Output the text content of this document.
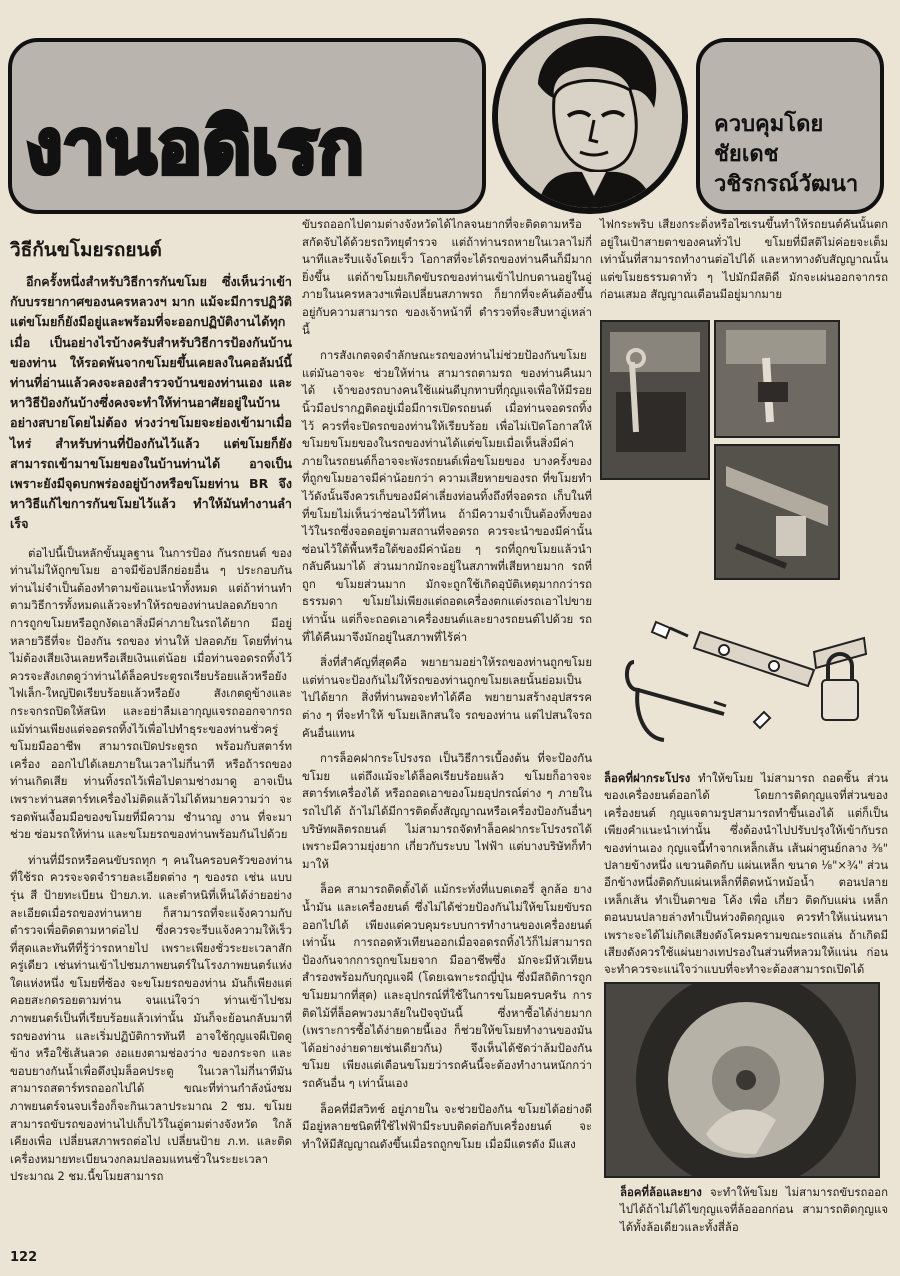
งานอดิเรก	ควบคุมโดย
ชัยเดช
วชิรกรณ์วัฒนา
วิธีกันขโมยรถยนต์

อีกครั้งหนึ่งสำหรับวิธีการกันขโมย ซึ่งเห็นว่าเข้ากับบรรยากาศของนครหลวงฯ มาก แม้จะมีการปฏิวัติ แต่ขโมยก็ยังมีอยู่และพร้อมที่จะออกปฏิบัติงานได้ทุกเมื่อ เป็นอย่างไรบ้างครับสำหรับวิธีการป้องกันบ้านของท่าน ให้รอดพ้นจากขโมยขึ้นเคยลงในคอลัมน์นี้ ท่านที่อ่านแล้วคงจะลองสำรวจบ้านของท่านเอง และหาวิธีป้องกันบ้างซึ่งคงจะทำให้ท่านอาศัยอยู่ในบ้าน อย่างสบายโดยไม่ต้อง ห่วงว่าขโมยจะย่องเข้ามาเมื่อไหร่ สำหรับท่านที่ป้องกันไว้แล้ว แต่ขโมยก็ยังสามารถเข้ามาขโมยของในบ้านท่านได้ อาจเป็นเพราะยังมีจุดบกพร่องอยู่บ้างหรือขโมยท่าน BR จึงหาวิธีแก้ไขการกันขโมยไว้แล้ว ทำให้มันทำงานลำเร็จ

ต่อไปนี้เป็นหลักขั้นมูลฐาน ในการป้อง กันรถยนต์ ของท่านไม่ให้ถูกขโมย อาจมีข้อปลีกย่อยอื่น ๆ ประกอบกัน ท่านไม่จำเป็นต้องทำตามข้อแนะนำทั้งหมด แต่ถ้าท่านทำตามวิธีการทั้งหมดแล้วจะทำให้รถของท่านปลอดภัยจากการถูกขโมยหรือถูกงัดเอาสิ่งมีค่าภายในรถได้ยาก มีอยู่หลายวิธีที่จะ ป้องกัน รถของ ท่านให้ ปลอดภัย โดยที่ท่าน ไม่ต้องเสียเงินเลยหรือเสียเงินแต่น้อย เมื่อท่านจอดรถทิ้งไว้ ควรจะสังเกตดูว่าท่านได้ล็อคประตูรถเรียบร้อยแล้วหรือยัง ไฟเล็ก-ใหญ่ปิดเรียบร้อยแล้วหรือยัง สังเกตดูข้างและกระจกรถปิดให้สนิท และอย่าลืมเอากุญแจรถออกจากรถ แม้ท่านเพียงแต่จอดรถทิ้งไว้เพื่อไปทำธุระของท่านชั่วครู่ ขโมยมืออาชีพ สามารถเปิดประตูรถ พร้อมกับสตาร์ทเครื่อง ออกไปได้เลยภายในเวลาไม่กี่นาที หรือถ้ารถของท่านเกิดเสีย ท่านทิ้งรถไว้เพื่อไปตามช่างมาดู อาจเป็นเพราะท่านสตาร์ทเครื่องไม่ติดแล้วไม่ได้หมายความว่า จะรอดพ้นเงื้อมมือของขโมยที่มีความ ชำนาญ งาน ที่จะมาช่วย ซ่อมรถให้ท่าน และขโมยรถของท่านพร้อมกันไปด้วย

ท่านที่มีรถหรือคนขับรถทุก ๆ คนในครอบครัวของท่านที่ใช้รถ ควรจะจดจำรายละเอียดต่าง ๆ ของรถ เช่น แบบรุ่น สี ป้ายทะเบียน ป้ายภ.ท. และตำหนิที่เห็นได้ง่ายอย่างละเอียดเมื่อรถของท่านหาย ก็สามารถที่จะแจ้งความกับตำรวจเพื่อติดตามหาต่อไป ซึ่งควรจะรีบแจ้งความให้เร็วที่สุดและทันทีที่รู้ว่ารถหายไป เพราะเพียงชั่วระยะเวลาสักครู่เดียว เช่นท่านเข้าไปชมภาพยนตร์ในโรงภาพยนตร์แห่งใดแห่งหนึ่ง ขโมยที่ซ้อง จะขโมยรถของท่าน มันก็เพียงแต่คอยสะกดรอยตามท่าน จนแน่ใจว่า ท่านเข้าไปชม ภาพยนตร์เป็นที่เรียบร้อยแล้วเท่านั้น มันก็จะย้อนกลับมาที่รถของท่าน และเริ่มปฏิบัติการทันที อาจใช้กุญแจผีเปิดดูข้าง หรือใช้เส้นลวด งอแยงตามช่องว่าง ของกระจก และขอบยางกันน้ำเพื่อดึงปุ่มล็อคประตู ในเวลาไม่กี่นาทีมันสามารถสตาร์ทรถออกไปได้ ขณะที่ท่านกำลังนั่งชมภาพยนตร์จนจบเรื่องก็จะกินเวลาประมาณ 2 ชม. ขโมยสามารถขับรถของท่านไปเก็บไว้ในอู่ตามต่างจังหวัด ใกล้เคียงเพื่อ เปลี่ยนสภาพรถต่อไป เปลี่ยนป้าย ภ.ท. และติดเครื่องหมายทะเบียนวงกลมปลอมแทนชั่วในระยะเวลาประมาณ 2 ชม.นี้ขโมยสามารถ

ขับรถออกไปตามต่างจังหวัดได้ไกลจนยากที่จะติดตามหรือสกัดจับได้ด้วยรถวิทยุตำรวจ แต่ถ้าท่านรถหายในเวลาไม่กี่นาทีและรีบแจ้งโดยเร็ว โอกาสที่จะได้รถของท่านคืนก็มีมากยิ่งขึ้น แต่ถ้าขโมยเกิดขับรถของท่านเข้าไปกบดานอยู่ในอู่ภายในนครหลวงฯเพื่อเปลี่ยนสภาพรถ ก็ยากที่จะค้นต้องขึ้นอยู่กับความสามารถ ของเจ้าหน้าที่ ตำรวจที่จะสืบหาอู่เหล่านี้

การสังเกตจดจำลักษณะรถของท่านไม่ช่วยป้องกันขโมยแต่มันอาจจะ ช่วยให้ท่าน สามารถตามรถ ของท่านคืนมา ได้ เจ้าของรถบางคนใช้แผ่นดีบุกทาบที่กุญแจเพื่อให้มีรอยนิ้วมือปรากฏติดอยู่เมื่อมีการเปิดรถยนต์ เมื่อท่านจอดรถทิ้งไว้ ควรที่จะปิดรถของท่านให้เรียบร้อย เพื่อไม่เปิดโอกาสให้ขโมยขโมยของในรถของท่านได้แต่ขโมยเมื่อเห็นสิ่งมีค่าภายในรถยนต์ก็อาจจะพังรถยนต์เพื่อขโมยของ บางครั้งของที่ถูกขโมยอาจมีค่าน้อยกว่า ความเสียหายของรถ ที่ขโมยทำไว้ดังนั้นจึงควรเก็บของมีค่าเลี่ยงท่อนทิ้งถึงที่จอดรถ เก็บในที่ที่ขโมยไม่เห็นว่าซ่อนไว้ที่ไหน ถ้ามีความจำเป็นต้องทิ้งของไว้ในรถซึ่งจอดอยู่ตามสถานที่จอดรถ ควรจะนำของมีค่านั้นซ่อนไว้ใต้พื้นหรือใต้ของมีค่าน้อย ๆ รถที่ถูกขโมยแล้วนำกลับคืนมาได้ ส่วนมากมักจะอยู่ในสภาพที่เสียหายมาก รถที่ถูก ขโมยส่วนมาก มักจะถูกใช้เกิดอุบัติเหตุมากกว่ารถธรรมดา ขโมยไม่เพียงแต่ถอดเครื่องตกแต่งรถเอาไปขายเท่านั้น แต่ก็จะถอดเอาเครื่องยนต์และยางรถยนต์ไปด้วย รถที่ได้คืนมาจึงมักอยู่ในสภาพที่ไร้ค่า

สิ่งที่สำคัญที่สุดคือ พยายามอย่าให้รถของท่านถูกขโมยแต่ท่านจะป้องกันไม่ให้รถของท่านถูกขโมยเลยนั้นย่อมเป็นไปได้ยาก สิ่งที่ท่านพอจะทำได้คือ พยายามสร้างอุปสรรคต่าง ๆ ที่จะทำให้ ขโมยเลิกสนใจ รถของท่าน แต่ไปสนใจรถคันอื่นแทน

การล็อคฝากระโปรงรถ เป็นวิธีการเบื้องต้น ที่จะป้องกันขโมย แต่ถึงแม้จะได้ล็อคเรียบร้อยแล้ว ขโมยก็อาจจะสตาร์ทเครื่องได้ หรือถอดเอาของโมยอุปกรณ์ต่าง ๆ ภายในรถไปได้ ถ้าไม่ได้มีการติดตั้งสัญญาณหรือเครื่องป้องกันอื่นๆ บริษัทผลิตรถยนต์ ไม่สามารถจัดทำล็อคฝากระโปรงรถได้ เพราะมีความยุ่งยาก เกี่ยวกับระบบ ไฟฟ้า แต่บางบริษัทก็ทำมาให้

ล็อค สามารถติดตั้งได้ แม้กระทั่งที่แบตเตอรี่ ลูกล้อ ยาง น้ำมัน และเครื่องยนต์ ซึ่งไม่ได้ช่วยป้องกันไม่ให้ขโมยขับรถออกไปได้ เพียงแต่ควบคุมระบบการทำงานของเครื่องยนต์เท่านั้น การถอดหัวเทียนออกเมื่อจอดรถทิ้งไว้ก็ไม่สามารถป้องกันจากการถูกขโมยจาก มืออาชีพซึ่ง มักจะมีหัวเทียนสำรองพร้อมกับกุญแจผี (โดยเฉพาะรถญี่ปุ่น ซึ่งมีสถิติการถูกขโมยมากที่สุด) และอุปกรณ์ที่ใช้ในการขโมยครบครัน การติดไม้ที่ล็อคพวงมาลัยในปัจจุบันนี้ ซึ่งหาซื้อได้ง่ายมาก (เพราะการซื้อได้ง่ายดายนี้เอง ก็ช่วยให้ขโมยทำงานของมันได้อย่างง่ายดายเช่นเดียวกัน) จึงเห็นได้ชัดว่าล้มป้องกันขโมย เพียงแต่เตือนขโมยว่ารถคันนี้จะต้องทำงานหนักกว่ารถคันอื่น ๆ เท่านั้นเอง

ล็อคที่มีสวิทช์ อยู่ภายใน จะช่วยป้องกัน ขโมยได้อย่างดี มีอยู่หลายชนิดที่ใช้ไฟฟ้ามีระบบติดต่อกับเครื่องยนต์ จะทำให้มีสัญญาณดังขึ้นเมื่อรถถูกขโมย เมื่อมีแตรดัง มีแสง

ไฟกระพริบ เสียงกระดิ่งหรือไซเรนขึ้นทำให้รถยนต์คันนั้นตกอยู่ในเป้าสายตาของคนทั่วไป ขโมยที่มีสติไม่ค่อยจะเต็มเท่านั้นที่สามารถทำงานต่อไปได้ และหาทางดับสัญญาณนั้น แต่ขโมยธรรมดาทั่ว ๆ ไปมักมีสติดี มักจะเผ่นออกจากรถก่อนเสมอ สัญญาณเตือนมีอยู่มากมาย

ล็อคที่ฝากระโปรง ทำให้ขโมย ไม่สามารถ ถอดชิ้น ส่วนของเครื่องยนต์ออกได้ โดยการติดกุญแจที่ส่วนของเครื่องยนต์ กุญแจตามรูปสามารถทำขึ้นเองได้ แต่ก็เป็นเพียงคำแนะนำเท่านั้น ซึ่งต้องนำไปปรับปรุงให้เข้ากับรถของท่านเอง กุญแจนี้ทำจากเหล็กเส้น เส้นผ่าศูนย์กลาง ⅜" ปลายข้างหนึ่ง แขวนติดกับ แผ่นเหล็ก ขนาด ⅛"×¾" ส่วนอีกข้างหนึ่งติดกับแผ่นเหล็กที่ติดหน้าหม้อน้ำ ตอนปลายเหล็กเส้น ทำเป็นตาขอ โค้ง เพื่อ เกี่ยว ติดกับแผ่น เหล็ก ตอนบนปลายล่างทำเป็นห่วงติดกุญแจ ควรทำให้แน่นหนาเพราะจะได้ไม่เกิดเสียงดังโครมครามขณะรถแล่น ถ้าเกิดมีเสียงดังควรใช้แผ่นยางเทปรองในส่วนที่หลวมให้แน่น ก่อนจะทำควรจะแน่ใจว่าแบบที่จะทำจะต้องสามารถเปิดได้
ล็อคที่ล้อและยาง จะทำให้ขโมย ไม่สามารถขับรถออกไปได้ถ้าไม่ได้ไขกุญแจที่ล้อออกก่อน สามารถติดกุญแจได้ทั้งล้อเดียวและทั้งสี่ล้อ
122
